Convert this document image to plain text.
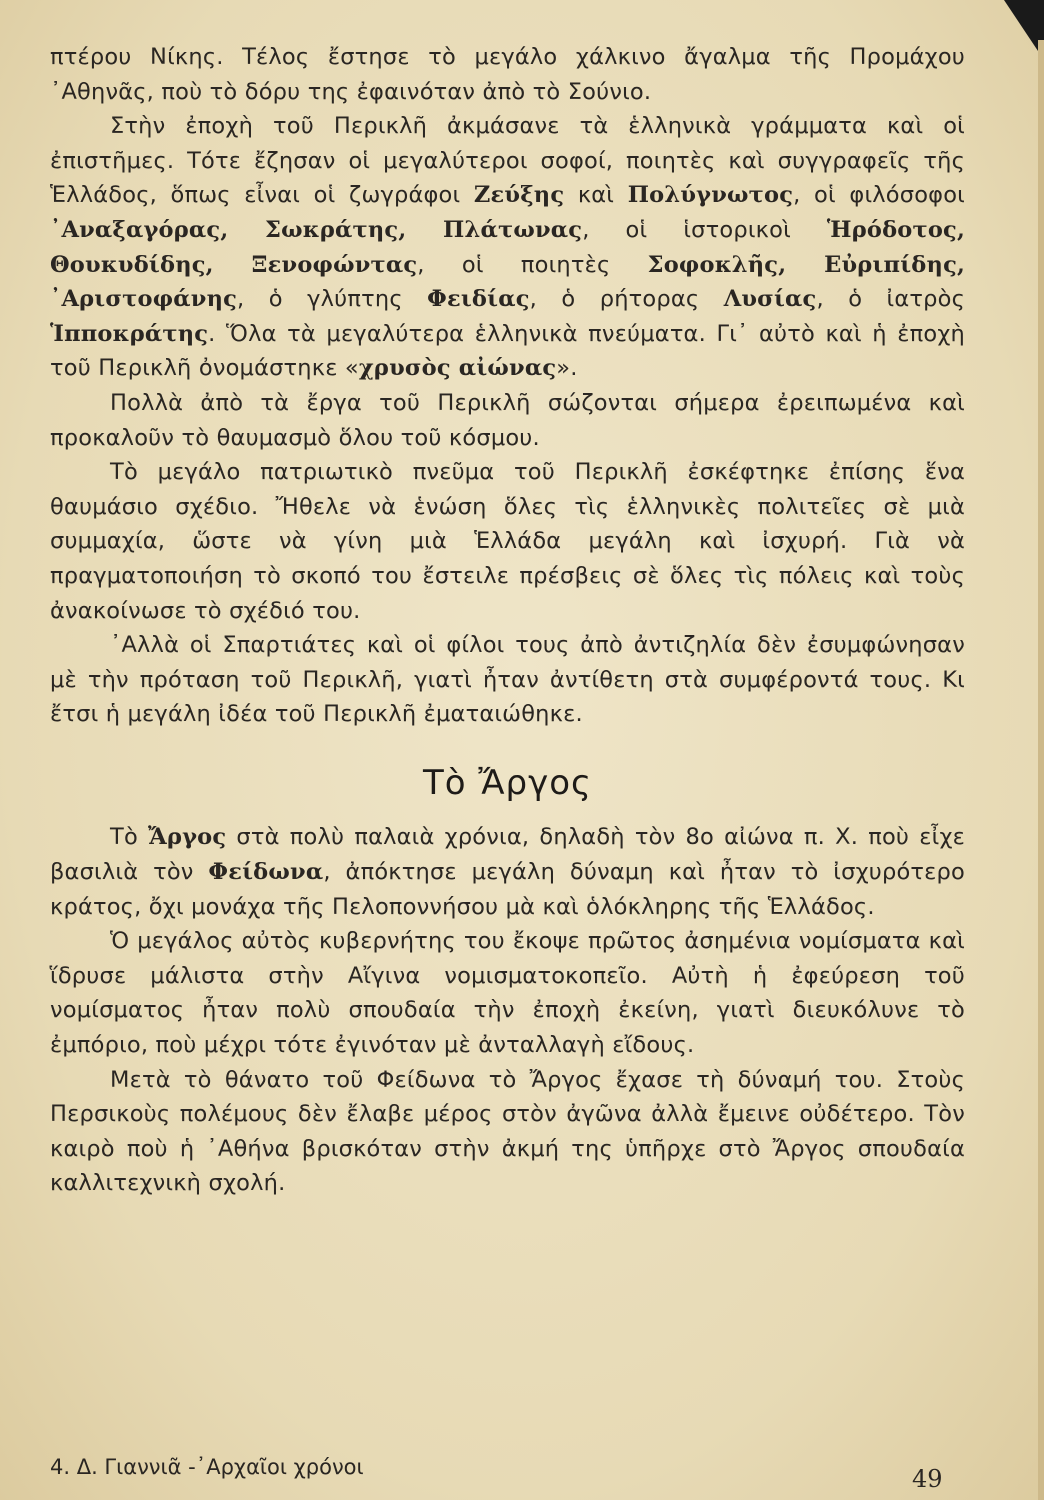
πτέρου Νίκης. Τέλος ἔστησε τὸ μεγάλο χάλκινο ἄγαλμα τῆς Προμάχου ᾿Αθηνᾶς, ποὺ τὸ δόρυ της ἐφαινόταν ἀπὸ τὸ Σούνιο.

Στὴν ἐποχὴ τοῦ Περικλῆ ἀκμάσανε τὰ ἑλληνικὰ γράμματα καὶ οἱ ἐπιστῆμες. Τότε ἔζησαν οἱ μεγαλύτεροι σοφοί, ποιητὲς καὶ συγγραφεῖς τῆς Ἑλλάδος, ὅπως εἶναι οἱ ζωγράφοι Ζεύξης καὶ Πολύγνωτος, οἱ φιλόσοφοι ᾿Αναξαγόρας, Σωκράτης, Πλάτωνας, οἱ ἱστορικοὶ Ἡρόδοτος, Θουκυδίδης, Ξενοφώντας, οἱ ποιητὲς Σοφοκλῆς, Εὐριπίδης, ᾿Αριστοφάνης, ὁ γλύπτης Φειδίας, ὁ ρήτορας Λυσίας, ὁ ἰατρὸς Ἱπποκράτης. Ὅλα τὰ μεγαλύτερα ἑλληνικὰ πνεύματα. Γι᾿ αὐτὸ καὶ ἡ ἐποχὴ τοῦ Περικλῆ ὀνομάστηκε «χρυσὸς αἰώνας».

Πολλὰ ἀπὸ τὰ ἔργα τοῦ Περικλῆ σώζονται σήμερα ἐρειπωμένα καὶ προκαλοῦν τὸ θαυμασμὸ ὅλου τοῦ κόσμου.

Τὸ μεγάλο πατριωτικὸ πνεῦμα τοῦ Περικλῆ ἐσκέφτηκε ἐπίσης ἕνα θαυμάσιο σχέδιο. Ἤθελε νὰ ἑνώση ὅλες τὶς ἑλληνικὲς πολιτεῖες σὲ μιὰ συμμαχία, ὥστε νὰ γίνη μιὰ Ἑλλάδα μεγάλη καὶ ἰσχυρή. Γιὰ νὰ πραγματοποιήση τὸ σκοπό του ἔστειλε πρέσβεις σὲ ὅλες τὶς πόλεις καὶ τοὺς ἀνακοίνωσε τὸ σχέδιό του.

᾿Αλλὰ οἱ Σπαρτιάτες καὶ οἱ φίλοι τους ἀπὸ ἀντιζηλία δὲν ἐσυμφώνησαν μὲ τὴν πρόταση τοῦ Περικλῆ, γιατὶ ἦταν ἀντίθετη στὰ συμφέροντά τους. Κι ἔτσι ἡ μεγάλη ἰδέα τοῦ Περικλῆ ἐματαιώθηκε.

Τὸ Ἄργος

Τὸ Ἄργος στὰ πολὺ παλαιὰ χρόνια, δηλαδὴ τὸν 8ο αἰώνα π. Χ. ποὺ εἶχε βασιλιὰ τὸν Φείδωνα, ἀπόκτησε μεγάλη δύναμη καὶ ἦταν τὸ ἰσχυρότερο κράτος, ὄχι μονάχα τῆς Πελοποννήσου μὰ καὶ ὁλόκληρης τῆς Ἑλλάδος.

Ὁ μεγάλος αὐτὸς κυβερνήτης του ἔκοψε πρῶτος ἀσημένια νομίσματα καὶ ἵδρυσε μάλιστα στὴν Αἴγινα νομισματοκοπεῖο. Αὐτὴ ἡ ἐφεύρεση τοῦ νομίσματος ἦταν πολὺ σπουδαία τὴν ἐποχὴ ἐκείνη, γιατὶ διευκόλυνε τὸ ἐμπόριο, ποὺ μέχρι τότε ἐγινόταν μὲ ἀνταλλαγὴ εἴδους.

Μετὰ τὸ θάνατο τοῦ Φείδωνα τὸ Ἄργος ἔχασε τὴ δύναμή του. Στοὺς Περσικοὺς πολέμους δὲν ἔλαβε μέρος στὸν ἀγῶνα ἀλλὰ ἔμεινε οὐδέτερο. Τὸν καιρὸ ποὺ ἡ ᾿Αθήνα βρισκόταν στὴν ἀκμή της ὑπῆρχε στὸ Ἄργος σπουδαία καλλιτεχνικὴ σχολή.

4. Δ. Γιαννιᾶ -᾿Αρχαῖοι χρόνοι	49
